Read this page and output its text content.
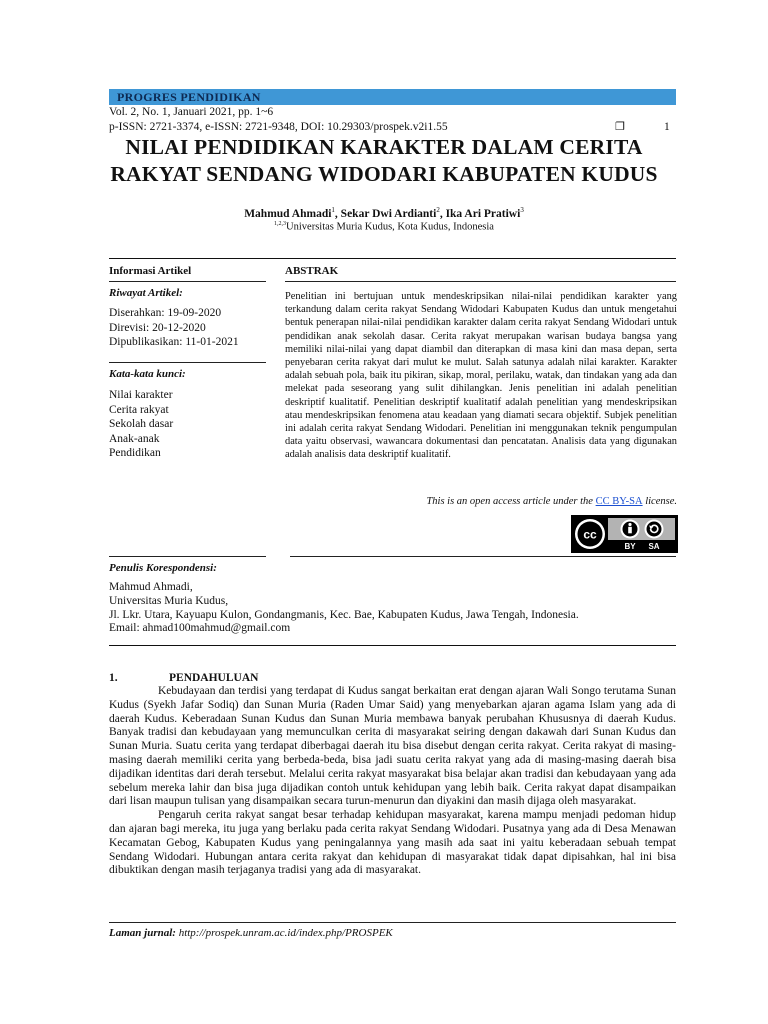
PROGRES PENDIDIKAN
Vol. 2, No. 1, Januari 2021, pp. 1~6
p-ISSN: 2721-3374, e-ISSN: 2721-9348, DOI: 10.29303/prospek.v2i1.55	❐	1
NILAI PENDIDIKAN KARAKTER DALAM CERITA
RAKYAT SENDANG WIDODARI KABUPATEN KUDUS
Mahmud Ahmadi$^1$, Sekar Dwi Ardianti$^2$, Ika Ari Pratiwi$^3$
$^{1,2,3}$Universitas Muria Kudus, Kota Kudus, Indonesia
Informasi Artikel
Riwayat Artikel:
Diserahkan: 19-09-2020
Direvisi: 20-12-2020
Dipublikasikan: 11-01-2021
Kata-kata kunci:
Nilai karakter
Cerita rakyat
Sekolah dasar
Anak-anak
Pendidikan
ABSTRAK
Penelitian ini bertujuan untuk mendeskripsikan nilai-nilai pendidikan karakter yang terkandung dalam cerita rakyat Sendang Widodari Kabupaten Kudus dan untuk mengetahui bentuk penerapan nilai-nilai pendidikan karakter dalam cerita rakyat Sendang Widodari untuk pendidikan anak sekolah dasar. Cerita rakyat merupakan warisan budaya bangsa yang memiliki nilai-nilai yang dapat diambil dan diterapkan di masa kini dan masa depan, serta penyebaran cerita rakyat dari mulut ke mulut. Salah satunya adalah nilai karakter. Karakter adalah sebuah pola, baik itu pikiran, sikap, moral, perilaku, watak, dan tindakan yang ada dan melekat pada seseorang yang sulit dihilangkan. Jenis penelitian ini adalah penelitian deskriptif kualitatif. Penelitian deskriptif kualitatif adalah penelitian yang mendeskripsikan atau mendeskripsikan fenomena atau keadaan yang diamati secara objektif. Subjek penelitian ini adalah cerita rakyat Sendang Widodari. Penelitian ini menggunakan teknik pengumpulan data yaitu observasi, wawancara dokumentasi dan pencatatan. Analisis data yang digunakan adalah analisis data deskriptif kualitatif.
This is an open access article under the CC BY-SA license.
cc
BY SA
Penulis Korespondensi:
Mahmud Ahmadi,
Universitas Muria Kudus,
Jl. Lkr. Utara, Kayuapu Kulon, Gondangmanis, Kec. Bae, Kabupaten Kudus, Jawa Tengah, Indonesia.
Email: ahmad100mahmud@gmail.com
1.	PENDAHULUAN

Kebudayaan dan terdisi yang terdapat di Kudus sangat berkaitan erat dengan ajaran Wali Songo terutama Sunan Kudus (Syekh Jafar Sodiq) dan Sunan Muria (Raden Umar Said) yang menyebarkan ajaran agama Islam yang ada di daerah Kudus. Keberadaan Sunan Kudus dan Sunan Muria membawa banyak perubahan Khususnya di daerah Kudus. Banyak tradisi dan kebudayaan yang memunculkan cerita di masyarakat seiring dengan dakawah dari Sunan Kudus dan Sunan Muria. Suatu cerita yang terdapat diberbagai daerah itu bisa disebut dengan cerita rakyat. Cerita rakyat di masing-masing daerah memiliki cerita yang berbeda-beda, bisa jadi suatu cerita rakyat yang ada di masing-masing daerah bisa dijadikan identitas dari derah tersebut. Melalui cerita rakyat masyarakat bisa belajar akan tradisi dan kebudayaan yang ada sebelum mereka lahir dan bisa juga dijadikan contoh untuk kehidupan yang lebih baik. Cerita rakyat dapat disampaikan dari lisan maupun tulisan yang disampaikan secara turun-menurun dan diyakini dan masih dijaga oleh masyarakat.

Pengaruh cerita rakyat sangat besar terhadap kehidupan masyarakat, karena mampu menjadi pedoman hidup dan ajaran bagi mereka, itu juga yang berlaku pada cerita rakyat Sendang Widodari. Pusatnya yang ada di Desa Menawan Kecamatan Gebog, Kabupaten Kudus yang peningalannya yang masih ada saat ini yaitu keberadaan sebuah tempat Sendang Widodari. Hubungan antara cerita rakyat dan kehidupan di masyarakat tidak dapat dipisahkan, hal ini bisa dibuktikan dengan masih terjaganya tradisi yang ada di masyarakat.

Laman jurnal: http://prospek.unram.ac.id/index.php/PROSPEK
